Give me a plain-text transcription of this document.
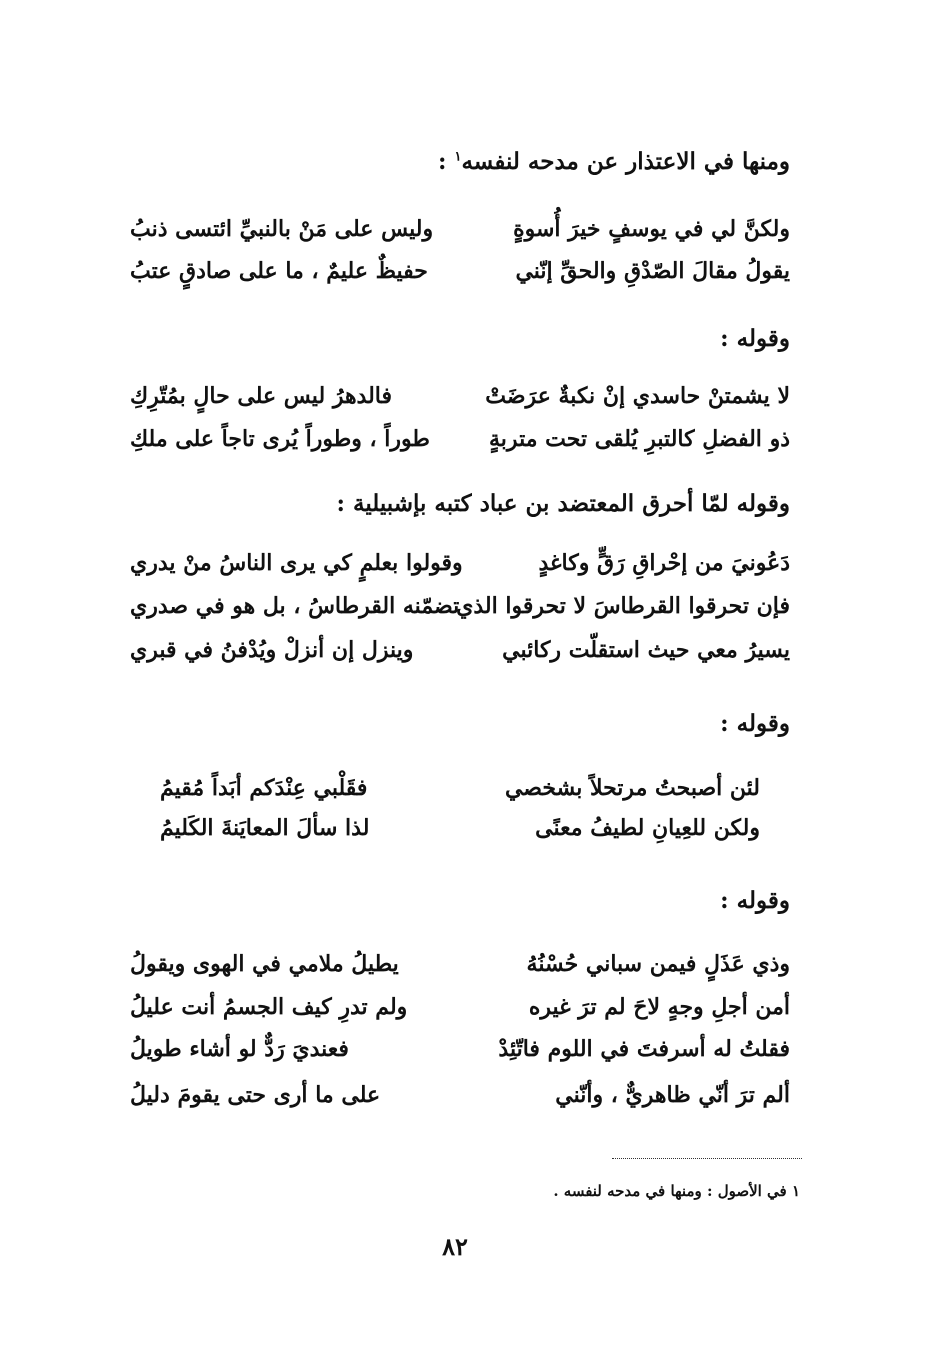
ومنها في الاعتذار عن مدحه لنفسه$^١$ :
ولكنَّ لي في يوسفٍ خيرَ أُسوةٍ
وليس على مَنْ بالنبيِّ ائتسى ذنبُ
يقولُ مقالَ الصّدْقِ والحقِّ إنّني
حفيظٌ عليمٌ ، ما على صادقٍ عتبُ
وقوله :
لا يشمتنْ حاسدي إنْ نكبةٌ عرَضَتْ
فالدهرُ ليس على حالٍ بمُتّرِكِ
ذو الفضلِ كالتبرِ يُلقى تحت متربةٍ
طوراً ، وطوراً يُرى تاجاً على ملكِ
وقوله لمّا أحرق المعتضد بن عباد كتبه بإشبيلية :
دَعُونيَ من إحْراقِ رَقٍّ وكاغدٍ
وقولوا بعلمٍ كي يرى الناسُ منْ يدري
فإن تحرقوا القرطاسَ لا تحرقوا الذي
تضمّنه القرطاسُ ، بل هو في صدري
يسيرُ معي حيث استقلّت ركائبي
وينزل إن أنزلْ ويُدْفنُ في قبري
وقوله :
لئن أصبحتُ مرتحلاً بشخصي
فقَلْبي عِنْدَكم أبَداً مُقيمُ
ولكن للعِيانِ لطيفُ معنًى
لذا سألَ المعايَنةَ الكَليمُ
وقوله :
وذي عَذَلٍ فيمن سباني حُسْنُهُ
يطيلُ ملامي في الهوى ويقولُ
أمن أجلِ وجهٍ لاحَ لم ترَ غيره
ولم تدرِ كيف الجسمُ أنت عليلُ
فقلتُ له أسرفتَ في اللوم فاتّئِدْ
فعنديَ رَدٌّ لو أشاء طويلُ
ألم ترَ أنّي ظاهريٌّ ، وأنّني
على ما أرى حتى يقومَ دليلُ
١ في الأصول : ومنها في مدحه لنفسه .
٨٢
